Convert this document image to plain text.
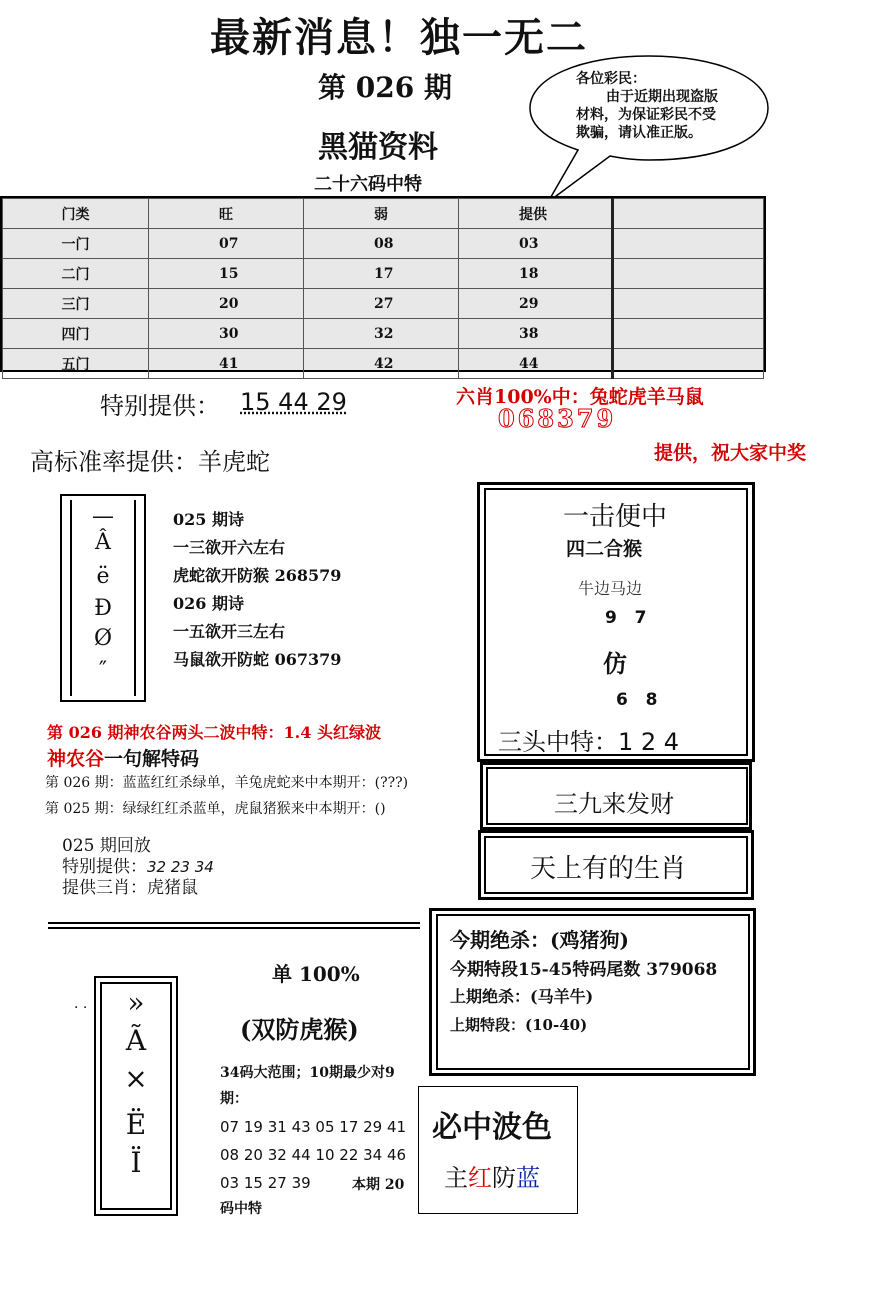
最新消息！独一无二
第 026 期
黑猫资料
二十六码中特
各位彩民：
由于近期出现盗版材料，为保证彩民不受欺骗，请认准正版。
门类	旺	弱	提供	
一门	07	08	03	
二门	15	17	18	
三门	20	27	29	
四门	30	32	38	
五门	41	42	44	
特别提供： 15 44 29	六肖100%中：兔蛇虎羊马鼠
068379
提供，祝大家中奖
高标准率提供：羊虎蛇
—
Â
ë
Ð
Ø
″
025 期诗
一三欲开六左右
虎蛇欲开防猴 268579
026 期诗
一五欲开三左右
马鼠欲开防蛇 067379
第 026 期神农谷两头二波中特：1.4 头红绿波
神农谷一句解特码
第 026 期：蓝蓝红红杀绿单，羊兔虎蛇来中本期开：(???)
第 025 期：绿绿红红杀蓝单，虎鼠猪猴来中本期开：()
025 期回放
特别提供：32 23 34
提供三肖：虎猪鼠
一击便中
四二合猴
牛边马边
9   7
仿
6   8
三头中特：1 2 4
三九来发财
天上有的生肖
今期绝杀：(鸡猪狗)
今期特段15-45特码尾数 379068
上期绝杀：(马羊牛)
上期特段：(10-40)
. .	»
Ã
×
Ë
Ï
单 100%
(双防虎猴)
34码大范围；10期最少对9期：
07 19 31 43 05 17 29 41
08 20 32 44 10 22 34 46
03 15 27 39	本期 20
码中特
必中波色
主红防蓝
